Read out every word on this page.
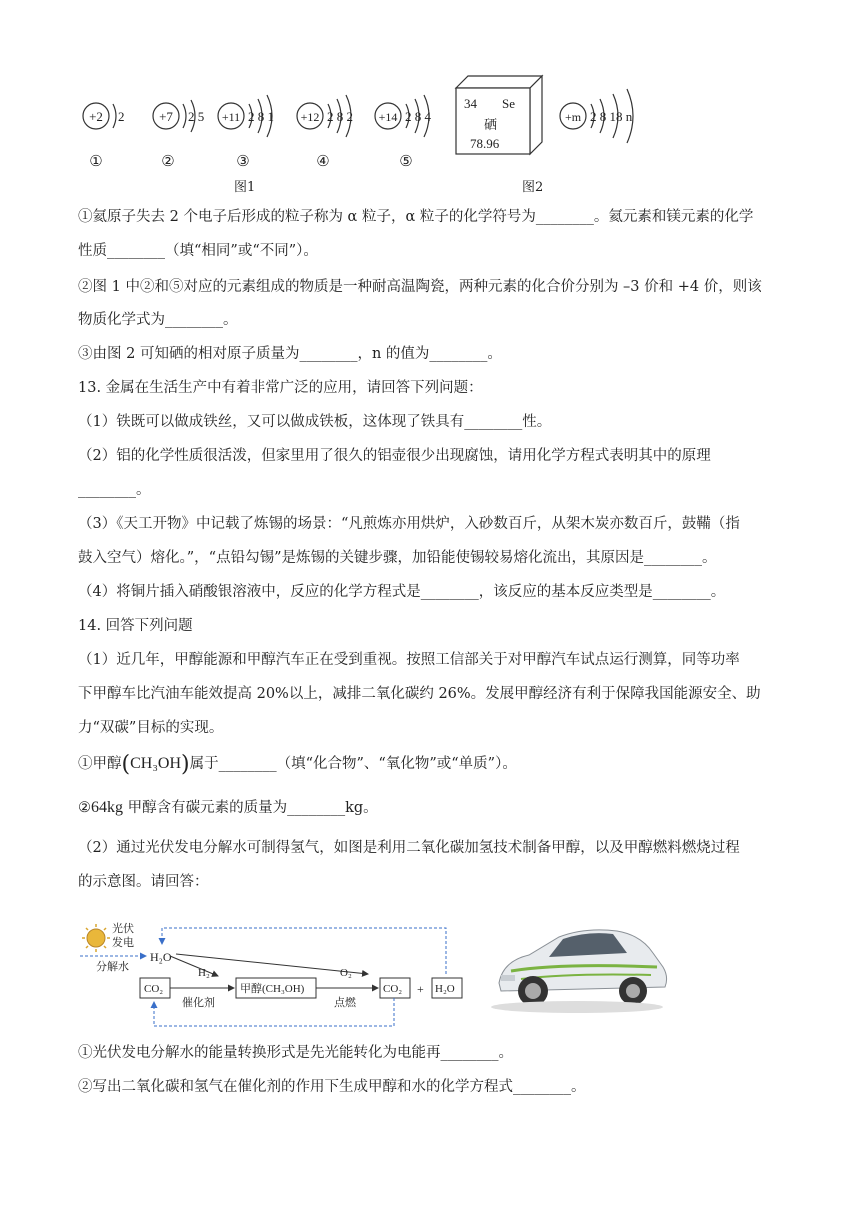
+2 2	+7 2 5 +11 2 8 1 +12 2 8 2 +14 2 8 4
①	②	③	④	⑤
图1
34 Se
硒
78.96
+m 2 8 18 n
图2
①氦原子失去 2 个电子后形成的粒子称为 α 粒子，α 粒子的化学符号为________。氦元素和镁元素的化学
性质________（填“相同”或“不同”）。
②图 1 中②和⑤对应的元素组成的物质是一种耐高温陶瓷，两种元素的化合价分别为 –3 价和 +4 价，则该
物质化学式为________。
③由图 2 可知硒的相对原子质量为________，n 的值为________。
13. 金属在生活生产中有着非常广泛的应用，请回答下列问题：
（1）铁既可以做成铁丝，又可以做成铁板，这体现了铁具有________性。
（2）铝的化学性质很活泼，但家里用了很久的铝壶很少出现腐蚀，请用化学方程式表明其中的原理
________。
（3）《天工开物》中记载了炼锡的场景：“凡煎炼亦用烘炉，入砂数百斤，从架木炭亦数百斤，鼓鞴（指
鼓入空气）熔化。”，“点铅勾锡”是炼锡的关键步骤，加铅能使锡较易熔化流出，其原因是________。
（4）将铜片插入硝酸银溶液中，反应的化学方程式是________，该反应的基本反应类型是________。
14. 回答下列问题
（1）近几年，甲醇能源和甲醇汽车正在受到重视。按照工信部关于对甲醇汽车试点运行测算，同等功率
下甲醇车比汽油车能效提高 20%以上，减排二氧化碳约 26%。发展甲醇经济有利于保障我国能源安全、助
力“双碳”目标的实现。
①甲醇(CH₃OH)属于________（填“化合物”、“氧化物”或“单质”）。
②64kg 甲醇含有碳元素的质量为________kg。
（2）通过光伏发电分解水可制得氢气，如图是利用二氧化碳加氢技术制备甲醇，以及甲醇燃料燃烧过程
的示意图。请回答：
光伏
发电
分解水
H₂O
H₂	O₂
CO₂
催化剂
甲醇(CH₃OH)
点燃
CO₂ + H₂O
①光伏发电分解水的能量转换形式是先光能转化为电能再________。
②写出二氧化碳和氢气在催化剂的作用下生成甲醇和水的化学方程式________。
